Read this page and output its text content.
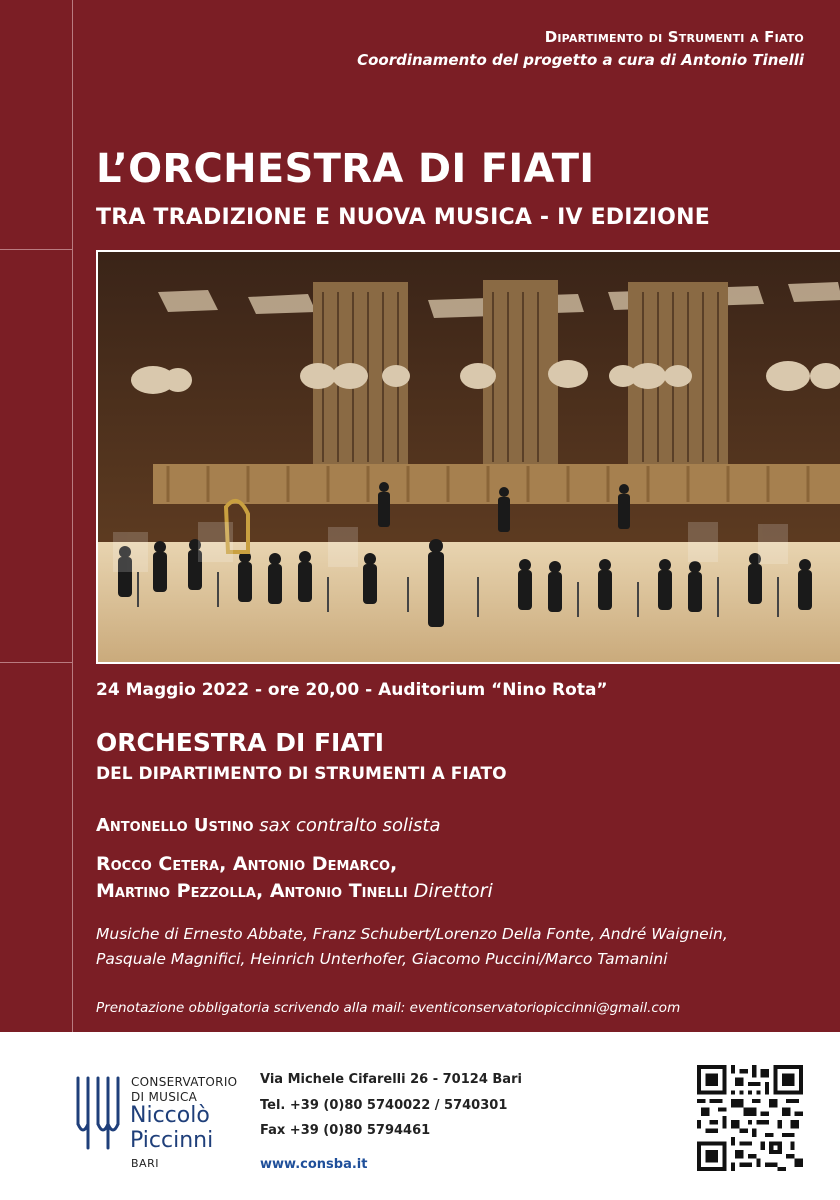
Dipartimento di Strumenti a Fiato
Coordinamento del progetto a cura di Antonio Tinelli
L’ORCHESTRA DI FIATI
TRA TRADIZIONE E NUOVA MUSICA - IV EDIZIONE
24 Maggio 2022 - ore 20,00 - Auditorium “Nino Rota”
ORCHESTRA DI FIATI
DEL DIPARTIMENTO DI STRUMENTI A FIATO
Antonello Ustino sax contralto solista
Rocco Cetera, Antonio Demarco,
Martino Pezzolla, Antonio Tinelli Direttori
Musiche di Ernesto Abbate, Franz Schubert/Lorenzo Della Fonte, André Waignein,
Pasquale Magnifici, Heinrich Unterhofer, Giacomo Puccini/Marco Tamanini
Prenotazione obbligatoria scrivendo alla mail: eventiconservatoriopiccinni@gmail.com
CONSERVATORIO
DI MUSICA
Niccolò
Piccinni
BARI
Via Michele Cifarelli 26 - 70124 Bari
Tel. +39 (0)80 5740022 / 5740301
Fax +39 (0)80 5794461
www.consba.it
